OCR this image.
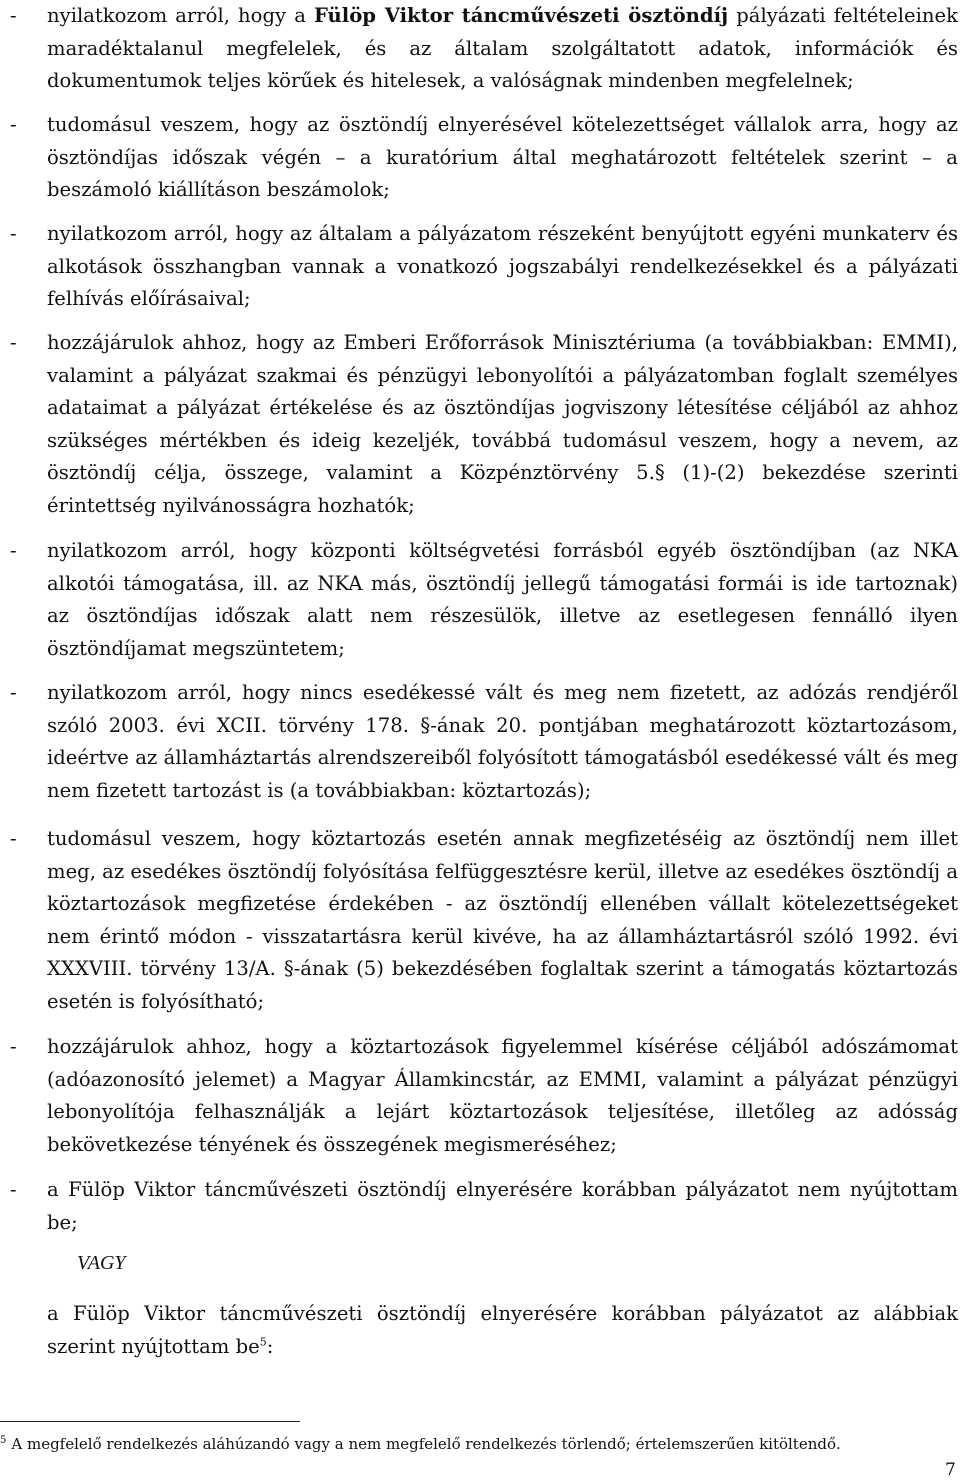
- nyilatkozom arról, hogy a Fülöp Viktor táncművészeti ösztöndíj pályázati feltételeinek maradéktalanul megfelelek, és az általam szolgáltatott adatok, információk és dokumentumok teljes körűek és hitelesek, a valóságnak mindenben megfelelnek;
- tudomásul veszem, hogy az ösztöndíj elnyerésével kötelezettséget vállalok arra, hogy az ösztöndíjas időszak végén – a kuratórium által meghatározott feltételek szerint – a beszámoló kiállításon beszámolok;
- nyilatkozom arról, hogy az általam a pályázatom részeként benyújtott egyéni munkaterv és alkotások összhangban vannak a vonatkozó jogszabályi rendelkezésekkel és a pályázati felhívás előírásaival;
- hozzájárulok ahhoz, hogy az Emberi Erőforrások Minisztériuma (a továbbiakban: EMMI), valamint a pályázat szakmai és pénzügyi lebonyolítói a pályázatomban foglalt személyes adataimat a pályázat értékelése és az ösztöndíjas jogviszony létesítése céljából az ahhoz szükséges mértékben és ideig kezeljék, továbbá tudomásul veszem, hogy a nevem, az ösztöndíj célja, összege, valamint a Közpénztörvény 5.§ (1)-(2) bekezdése szerinti érintettség nyilvánosságra hozhatók;
- nyilatkozom arról, hogy központi költségvetési forrásból egyéb ösztöndíjban (az NKA alkotói támogatása, ill. az NKA más, ösztöndíj jellegű támogatási formái is ide tartoznak) az ösztöndíjas időszak alatt nem részesülök, illetve az esetlegesen fennálló ilyen ösztöndíjamat megszüntetem;
- nyilatkozom arról, hogy nincs esedékessé vált és meg nem fizetett, az adózás rendjéről szóló 2003. évi XCII. törvény 178. §-ának 20. pontjában meghatározott köztartozásom, ideértve az államháztartás alrendszereiből folyósított támogatásból esedékessé vált és meg nem fizetett tartozást is (a továbbiakban: köztartozás);
- tudomásul veszem, hogy köztartozás esetén annak megfizetéséig az ösztöndíj nem illet meg, az esedékes ösztöndíj folyósítása felfüggesztésre kerül, illetve az esedékes ösztöndíj a köztartozások megfizetése érdekében - az ösztöndíj ellenében vállalt kötelezettségeket nem érintő módon - visszatartásra kerül kivéve, ha az államháztartásról szóló 1992. évi XXXVIII. törvény 13/A. §-ának (5) bekezdésében foglaltak szerint a támogatás köztartozás esetén is folyósítható;
- hozzájárulok ahhoz, hogy a köztartozások figyelemmel kísérése céljából adószámomat (adóazonosító jelemet) a Magyar Államkincstár, az EMMI, valamint a pályázat pénzügyi lebonyolítója felhasználják a lejárt köztartozások teljesítése, illetőleg az adósság bekövetkezése tényének és összegének megismeréséhez;
- a Fülöp Viktor táncművészeti ösztöndíj elnyerésére korábban pályázatot nem nyújtottam be;
VAGY
a Fülöp Viktor táncművészeti ösztöndíj elnyerésére korábban pályázatot az alábbiak szerint nyújtottam $be^5$:
$^5$ A megfelelő rendelkezés aláhúzandó vagy a nem megfelelő rendelkezés törlendő; értelemszerűen kitöltendő.
7
